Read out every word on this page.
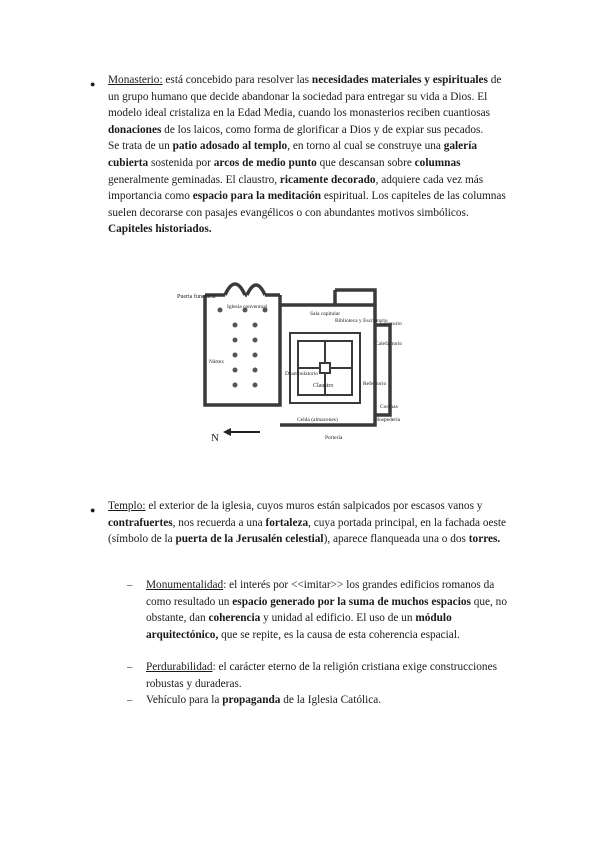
● Monasterio: está concebido para resolver las necesidades materiales y espirituales de un grupo humano que decide abandonar la sociedad para entregar su vida a Dios. El modelo ideal cristaliza en la Edad Media, cuando los monasterios reciben cuantiosas donaciones de los laicos, como forma de glorificar a Dios y de expiar sus pecados.
Se trata de un patio adosado al templo, en torno al cual se construye una galería cubierta sostenida por arcos de medio punto que descansan sobre columnas generalmente geminadas. El claustro, ricamente decorado, adquiere cada vez más importancia como espacio para la meditación espiritual. Los capiteles de las columnas suelen decorarse con pasajes evangélicos o con abundantes motivos simbólicos. Capiteles historiados.
Puerta funeraria
Iglesia conventual
Sala capitular
Biblioteca y Escriptorio
Locutorio
Calefactorio
Nártex
Deambulatorio
Claustro	Refectorio
Cocinas
Hospedería
Celda (almacenes)
Portería
N
● Templo: el exterior de la iglesia, cuyos muros están salpicados por escasos vanos y contrafuertes, nos recuerda a una fortaleza, cuya portada principal, en la fachada oeste (símbolo de la puerta de la Jerusalén celestial), aparece flanqueada una o dos torres.
– Monumentalidad: el interés por <<imitar>> los grandes edificios romanos da como resultado un espacio generado por la suma de muchos espacios que, no obstante, dan coherencia y unidad al edificio. El uso de un módulo arquitectónico, que se repite, es la causa de esta coherencia espacial.
– Perdurabilidad: el carácter eterno de la religión cristiana exige construcciones robustas y duraderas.
– Vehículo para la propaganda de la Iglesia Católica.
